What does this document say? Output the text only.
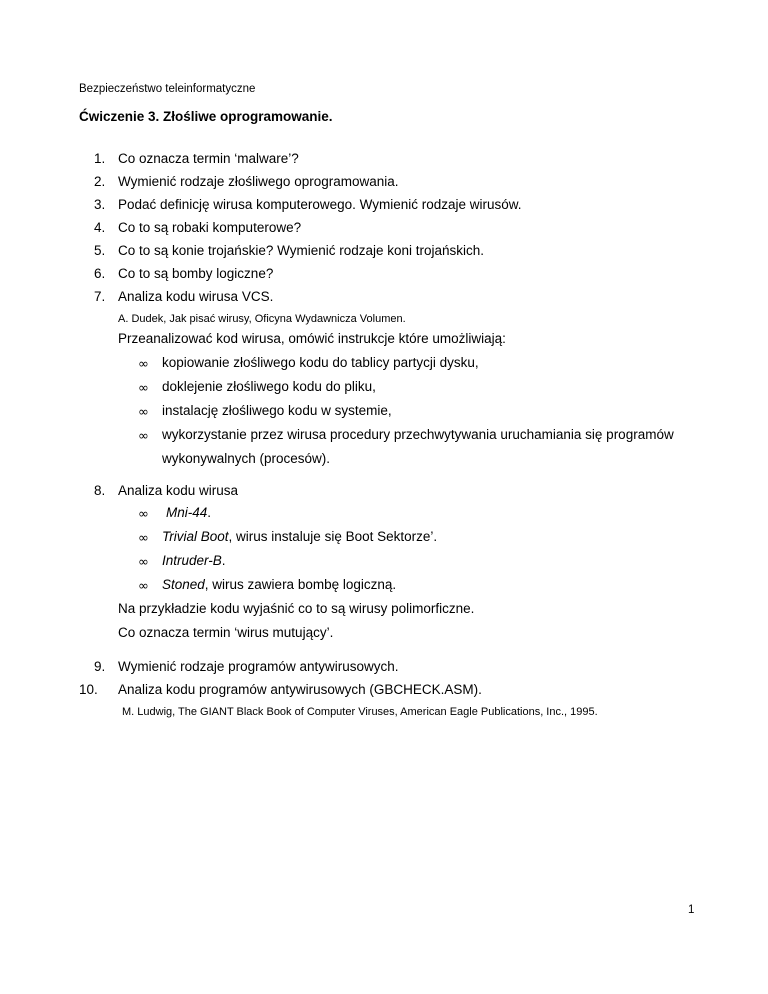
Bezpieczeństwo teleinformatyczne
Ćwiczenie 3. Złośliwe oprogramowanie.
1. Co oznacza termin ‘malware’?
2. Wymienić rodzaje złośliwego oprogramowania.
3. Podać definicję wirusa komputerowego. Wymienić rodzaje wirusów.
4. Co to są robaki komputerowe?
5. Co to są konie trojańskie? Wymienić rodzaje koni trojańskich.
6. Co to są bomby logiczne?
7. Analiza kodu wirusa VCS.
A. Dudek, Jak pisać wirusy, Oficyna Wydawnicza Volumen.
Przeanalizować kod wirusa, omówić instrukcje które umożliwiają:
∞ kopiowanie złośliwego kodu do tablicy partycji dysku,
∞ doklejenie złośliwego kodu do pliku,
∞ instalację złośliwego kodu w systemie,
∞ wykorzystanie przez wirusa procedury przechwytywania uruchamiania się programów
wykonywalnych (procesów).
8. Analiza kodu wirusa
∞ Mni-44.
∞ Trivial Boot, wirus instaluje się Boot Sektorze’.
∞ Intruder-B.
∞ Stoned, wirus zawiera bombę logiczną.
Na przykładzie kodu wyjaśnić co to są wirusy polimorficzne.
Co oznacza termin ‘wirus mutujący’.
9. Wymienić rodzaje programów antywirusowych.
10. Analiza kodu programów antywirusowych (GBCHECK.ASM).
M. Ludwig, The GIANT Black Book of Computer Viruses, American Eagle Publications, Inc., 1995.
1
